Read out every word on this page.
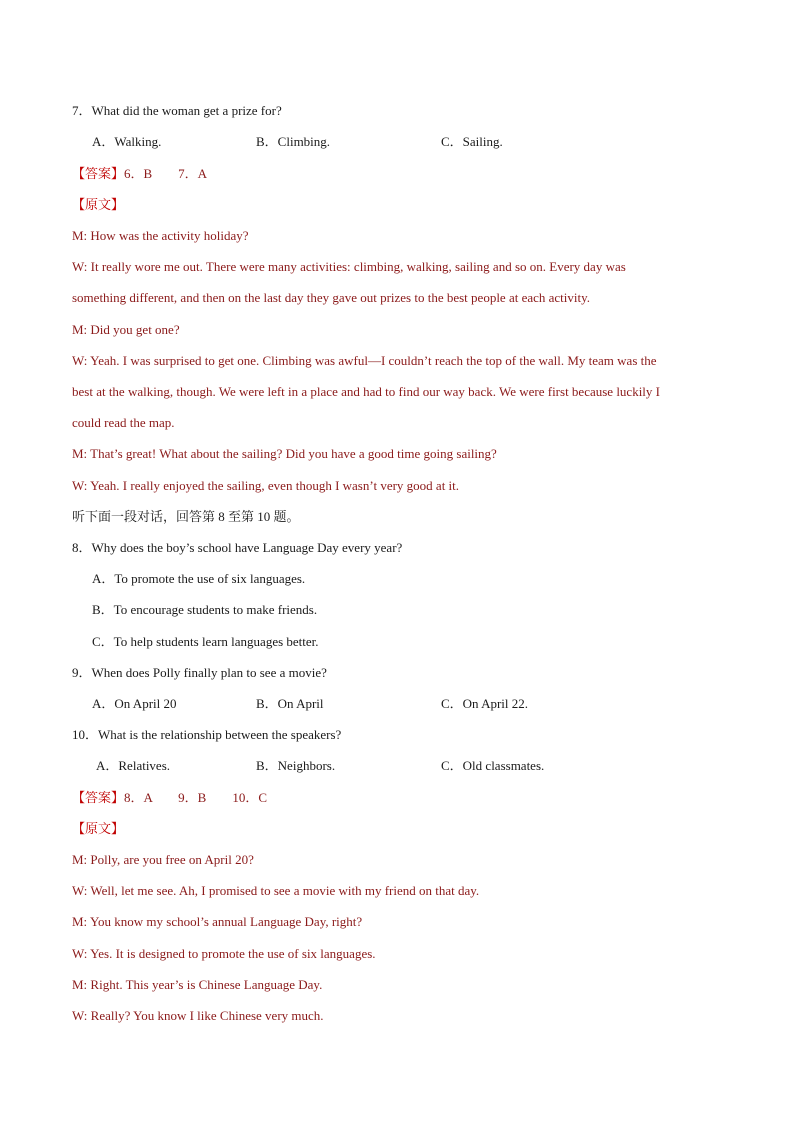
7．What did the woman get a prize for?
A．Walking.	B．Climbing.	C．Sailing.
【答案】6．B　　7．A
【原文】
M: How was the activity holiday?
W: It really wore me out. There were many activities: climbing, walking, sailing and so on. Every day was
something different, and then on the last day they gave out prizes to the best people at each activity.
M: Did you get one?
W: Yeah. I was surprised to get one. Climbing was awful—I couldn’t reach the top of the wall. My team was the
best at the walking, though. We were left in a place and had to find our way back. We were first because luckily I
could read the map.
M: That’s great! What about the sailing? Did you have a good time going sailing?
W: Yeah. I really enjoyed the sailing, even though I wasn’t very good at it.
听下面一段对话，回答第 8 至第 10 题。
8．Why does the boy’s school have Language Day every year?
A．To promote the use of six languages.
B．To encourage students to make friends.
C．To help students learn languages better.
9．When does Polly finally plan to see a movie?
A．On April 20	B．On April	C．On April 22.
10．What is the relationship between the speakers?
A．Relatives.	B．Neighbors.	C．Old classmates.
【答案】8．A　　9．B　　10．C
【原文】
M: Polly, are you free on April 20?
W: Well, let me see. Ah, I promised to see a movie with my friend on that day.
M: You know my school’s annual Language Day, right?
W: Yes. It is designed to promote the use of six languages.
M: Right. This year’s is Chinese Language Day.
W: Really? You know I like Chinese very much.
